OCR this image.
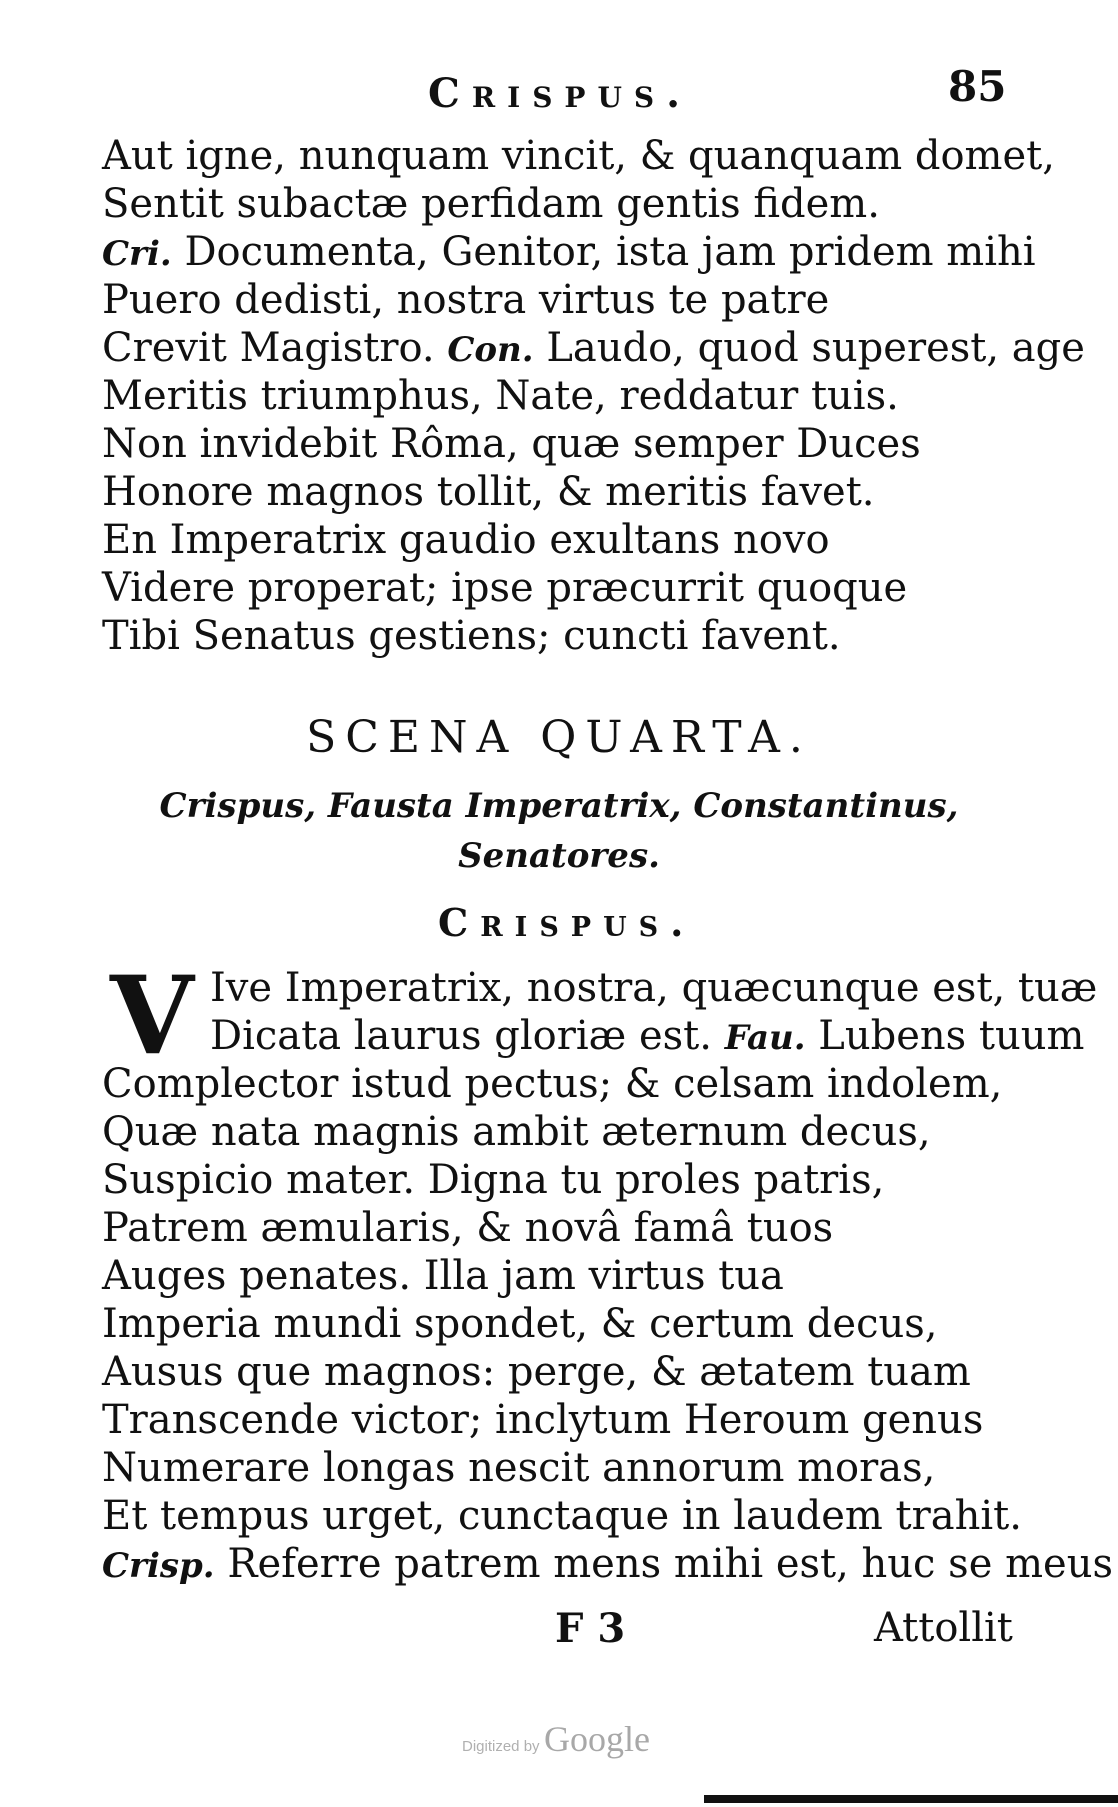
Crispus.	85
Aut igne, nunquam vincit, & quanquam domet,
Sentit subactæ perfidam gentis fidem.
Cri. Documenta, Genitor, ista jam pridem mihi
Puero dedisti, nostra virtus te patre
Crevit Magistro. Con. Laudo, quod superest, age
Meritis triumphus, Nate, reddatur tuis.
Non invidebit Rôma, quæ semper Duces
Honore magnos tollit, & meritis favet.
En Imperatrix gaudio exultans novo
Videre properat; ipse præcurrit quoque
Tibi Senatus gestiens; cuncti favent.
SCENA QUARTA.
Crispus, Fausta Imperatrix, Constantinus,
Senatores.
Crispus.
V Ive Imperatrix, nostra, quæcunque est, tuæ
Dicata laurus gloriæ est. Fau. Lubens tuum
Complector istud pectus; & celsam indolem,
Quæ nata magnis ambit æternum decus,
Suspicio mater. Digna tu proles patris,
Patrem æmularis, & novâ famâ tuos
Auges penates. Illa jam virtus tua
Imperia mundi spondet, & certum decus,
Ausus que magnos: perge, & ætatem tuam
Transcende victor; inclytum Heroum genus
Numerare longas nescit annorum moras,
Et tempus urget, cunctaque in laudem trahit.
Crisp. Referre patrem mens mihi est, huc se meus
F 3	Attollit
Digitized by Google
